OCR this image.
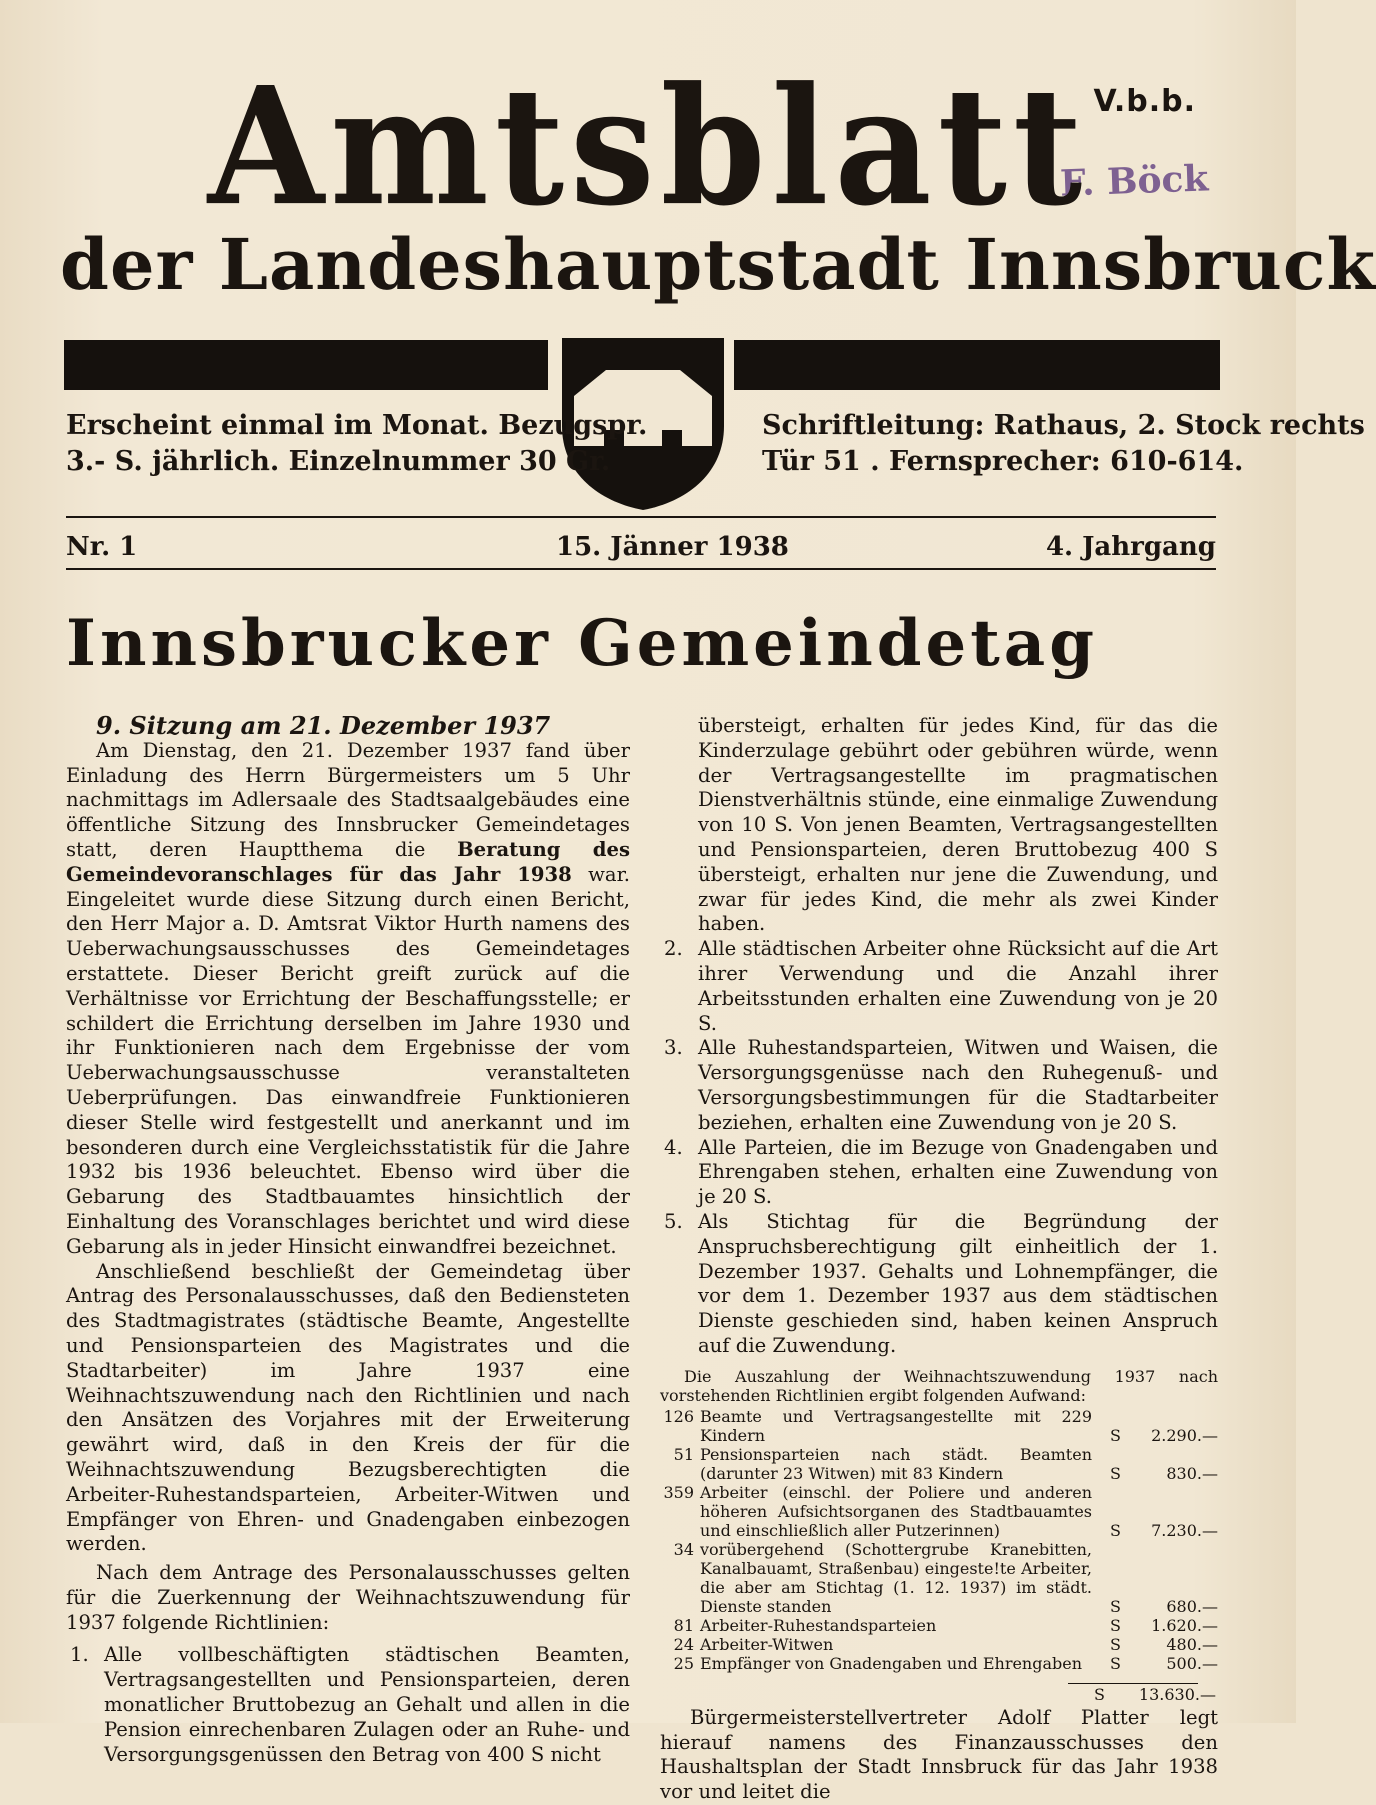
V.b.b.
F. Böck
Amtsblatt
der Landeshauptstadt Innsbruck
Erscheint einmal im Monat. Bezugspr.
3.- S. jährlich. Einzelnummer 30 Gr.
Schriftleitung: Rathaus, 2. Stock rechts
Tür 51 . Fernsprecher: 610-614.
Nr. 1	15. Jänner 1938	4. Jahrgang
Innsbrucker Gemeindetag

9. Sitzung am 21. Dezember 1937

Am Dienstag, den 21. Dezember 1937 fand über Einladung des Herrn Bürgermeisters um 5 Uhr nachmittags im Adlersaale des Stadtsaalgebäudes eine öffentliche Sitzung des Innsbrucker Gemeindetages statt, deren Hauptthema die Beratung des Gemeindevoranschlages für das Jahr 1938 war. Eingeleitet wurde diese Sitzung durch einen Bericht, den Herr Major a. D. Amtsrat Viktor Hurth namens des Ueberwachungsausschusses des Gemeindetages erstattete. Dieser Bericht greift zurück auf die Verhältnisse vor Errichtung der Beschaffungsstelle; er schildert die Errichtung derselben im Jahre 1930 und ihr Funktionieren nach dem Ergebnisse der vom Ueberwachungsausschusse veranstalteten Ueberprüfungen. Das einwandfreie Funktionieren dieser Stelle wird festgestellt und anerkannt und im besonderen durch eine Vergleichsstatistik für die Jahre 1932 bis 1936 beleuchtet. Ebenso wird über die Gebarung des Stadtbauamtes hinsichtlich der Einhaltung des Voranschlages berichtet und wird diese Gebarung als in jeder Hinsicht einwandfrei bezeichnet.

Anschließend beschließt der Gemeindetag über Antrag des Personalausschusses, daß den Bediensteten des Stadtmagistrates (städtische Beamte, Angestellte und Pensionsparteien des Magistrates und die Stadtarbeiter) im Jahre 1937 eine Weihnachtszuwendung nach den Richtlinien und nach den Ansätzen des Vorjahres mit der Erweiterung gewährt wird, daß in den Kreis der für die Weihnachtszuwendung Bezugsberechtigten die Arbeiter-Ruhestandsparteien, Arbeiter-Witwen und Empfänger von Ehren- und Gnadengaben einbezogen werden.

Nach dem Antrage des Personalausschusses gelten für die Zuerkennung der Weihnachtszuwendung für 1937 folgende Richtlinien:

1. Alle vollbeschäftigten städtischen Beamten, Vertragsangestellten und Pensionsparteien, deren monatlicher Bruttobezug an Gehalt und allen in die Pension einrechenbaren Zulagen oder an Ruhe- und Versorgungsgenüssen den Betrag von 400 S nicht
übersteigt, erhalten für jedes Kind, für das die Kinderzulage gebührt oder gebühren würde, wenn der Vertragsangestellte im pragmatischen Dienstverhältnis stünde, eine einmalige Zuwendung von 10 S. Von jenen Beamten, Vertragsangestellten und Pensionsparteien, deren Bruttobezug 400 S übersteigt, erhalten nur jene die Zuwendung, und zwar für jedes Kind, die mehr als zwei Kinder haben.
2. Alle städtischen Arbeiter ohne Rücksicht auf die Art ihrer Verwendung und die Anzahl ihrer Arbeitsstunden erhalten eine Zuwendung von je 20 S.
3. Alle Ruhestandsparteien, Witwen und Waisen, die Versorgungsgenüsse nach den Ruhegenuß- und Versorgungsbestimmungen für die Stadtarbeiter beziehen, erhalten eine Zuwendung von je 20 S.
4. Alle Parteien, die im Bezuge von Gnadengaben und Ehrengaben stehen, erhalten eine Zuwendung von je 20 S.
5. Als Stichtag für die Begründung der Anspruchsberechtigung gilt einheitlich der 1. Dezember 1937. Gehalts und Lohnempfänger, die vor dem 1. Dezember 1937 aus dem städtischen Dienste geschieden sind, haben keinen Anspruch auf die Zuwendung.
Die Auszahlung der Weihnachtszuwendung 1937 nach vorstehenden Richtlinien ergibt folgenden Aufwand:
126	Beamte und Vertragsangestellte mit 229 Kindern	S	2.290.—
51	Pensionsparteien nach städt. Beamten (darunter 23 Witwen) mit 83 Kindern	S	830.—
359	Arbeiter (einschl. der Poliere und anderen höheren Aufsichtsorganen des Stadtbauamtes und einschließlich aller Putzerinnen)	S	7.230.—
34	vorübergehend (Schottergrube Kranebitten, Kanalbauamt, Straßenbau) eingeste!te Arbeiter, die aber am Stichtag (1. 12. 1937) im städt. Dienste standen	S	680.—
81	Arbeiter-Ruhestandsparteien	S	1.620.—
24	Arbeiter-Witwen	S	480.—
25	Empfänger von Gnadengaben und Ehrengaben	S	500.—
S	13.630.—

Bürgermeisterstellvertreter Adolf Platter legt hierauf namens des Finanzausschusses den Haushaltsplan der Stadt Innsbruck für das Jahr 1938 vor und leitet die
